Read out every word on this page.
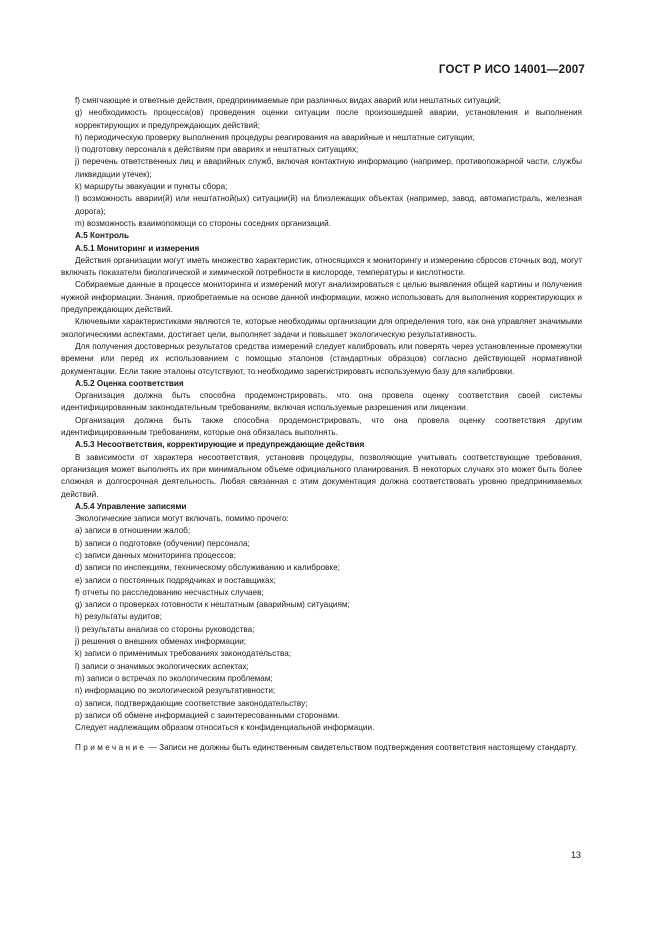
ГОСТ Р ИСО 14001—2007

f) смягчающие и ответные действия, предпринимаемые при различных видах аварий или нештатных ситуаций;

g) необходимость процесса(ов) проведения оценки ситуации после произошедшей аварии, установления и выполнения корректирующих и предупреждающих действий;

h) периодическую проверку выполнения процедуры реагирования на аварийные и нештатные ситуации;

i) подготовку персонала к действиям при авариях и нештатных ситуациях;

j) перечень ответственных лиц и аварийных служб, включая контактную информацию (например, противопожарной части, службы ликвидации утечек);

k) маршруты эвакуации и пункты сбора;

l) возможность аварии(й) или нештатной(ых) ситуации(й) на близлежащих объектах (например, завод, автомагистраль, железная дорога);

m) возможность взаимопомощи со стороны соседних организаций.

А.5 Контроль

А.5.1 Мониторинг и измерения

Действия организации могут иметь множество характеристик, относящихся к мониторингу и измерению сбросов сточных вод, могут включать показатели биологической и химической потребности в кислороде, температуры и кислотности.

Собираемые данные в процессе мониторинга и измерений могут анализироваться с целью выявления общей картины и получения нужной информации. Знания, приобретаемые на основе данной информации, можно использовать для выполнения корректирующих и предупреждающих действий.

Ключевыми характеристиками являются те, которые необходимы организации для определения того, как она управляет значимыми экологическими аспектами, достигает цели, выполняет задачи и повышает экологическую результативность.

Для получения достоверных результатов средства измерений следует калибровать или поверять через установленные промежутки времени или перед их использованием с помощью эталонов (стандартных образцов) согласно действующей нормативной документации. Если такие эталоны отсутствуют, то необходимо зарегистрировать используемую базу для калибровки.

А.5.2 Оценка соответствия

Организация должна быть способна продемонстрировать, что она провела оценку соответствия своей системы идентифицированным законодательным требованиям, включая используемые разрешения или лицензии.

Организация должна быть также способна продемонстрировать, что она провела оценку соответствия другим идентифицированным требованиям, которые она обязалась выполнять.

А.5.3 Несоответствия, корректирующие и предупреждающие действия

В зависимости от характера несоответствия, установив процедуры, позволяющие учитывать соответствующие требования, организация может выполнять их при минимальном объеме официального планирования. В некоторых случаях это может быть более сложная и долгосрочная деятельность. Любая связанная с этим документация должна соответствовать уровню предпринимаемых действий.

А.5.4 Управление записями

Экологические записи могут включать, помимо прочего:

a) записи в отношении жалоб;

b) записи о подготовке (обучении) персонала;

c) записи данных мониторинга процессов;

d) записи по инспекциям, техническому обслуживанию и калибровке;

e) записи о постоянных подрядчиках и поставщиках;

f) отчеты по расследованию несчастных случаев;

g) записи о проверках готовности к нештатным (аварийным) ситуациям;

h) результаты аудитов;

i) результаты анализа со стороны руководства;

j) решения о внешних обменах информации;

k) записи о применимых требованиях законодательства;

l) записи о значимых экологических аспектах;

m) записи о встречах по экологическим проблемам;

n) информацию по экологической результативности;

o) записи, подтверждающие соответствие законодательству;

p) записи об обмене информацией с заинтересованными сторонами.

Следует надлежащим образом относиться к конфиденциальной информации.

Примечание — Записи не должны быть единственным свидетельством подтверждения соответствия настоящему стандарту.

13
